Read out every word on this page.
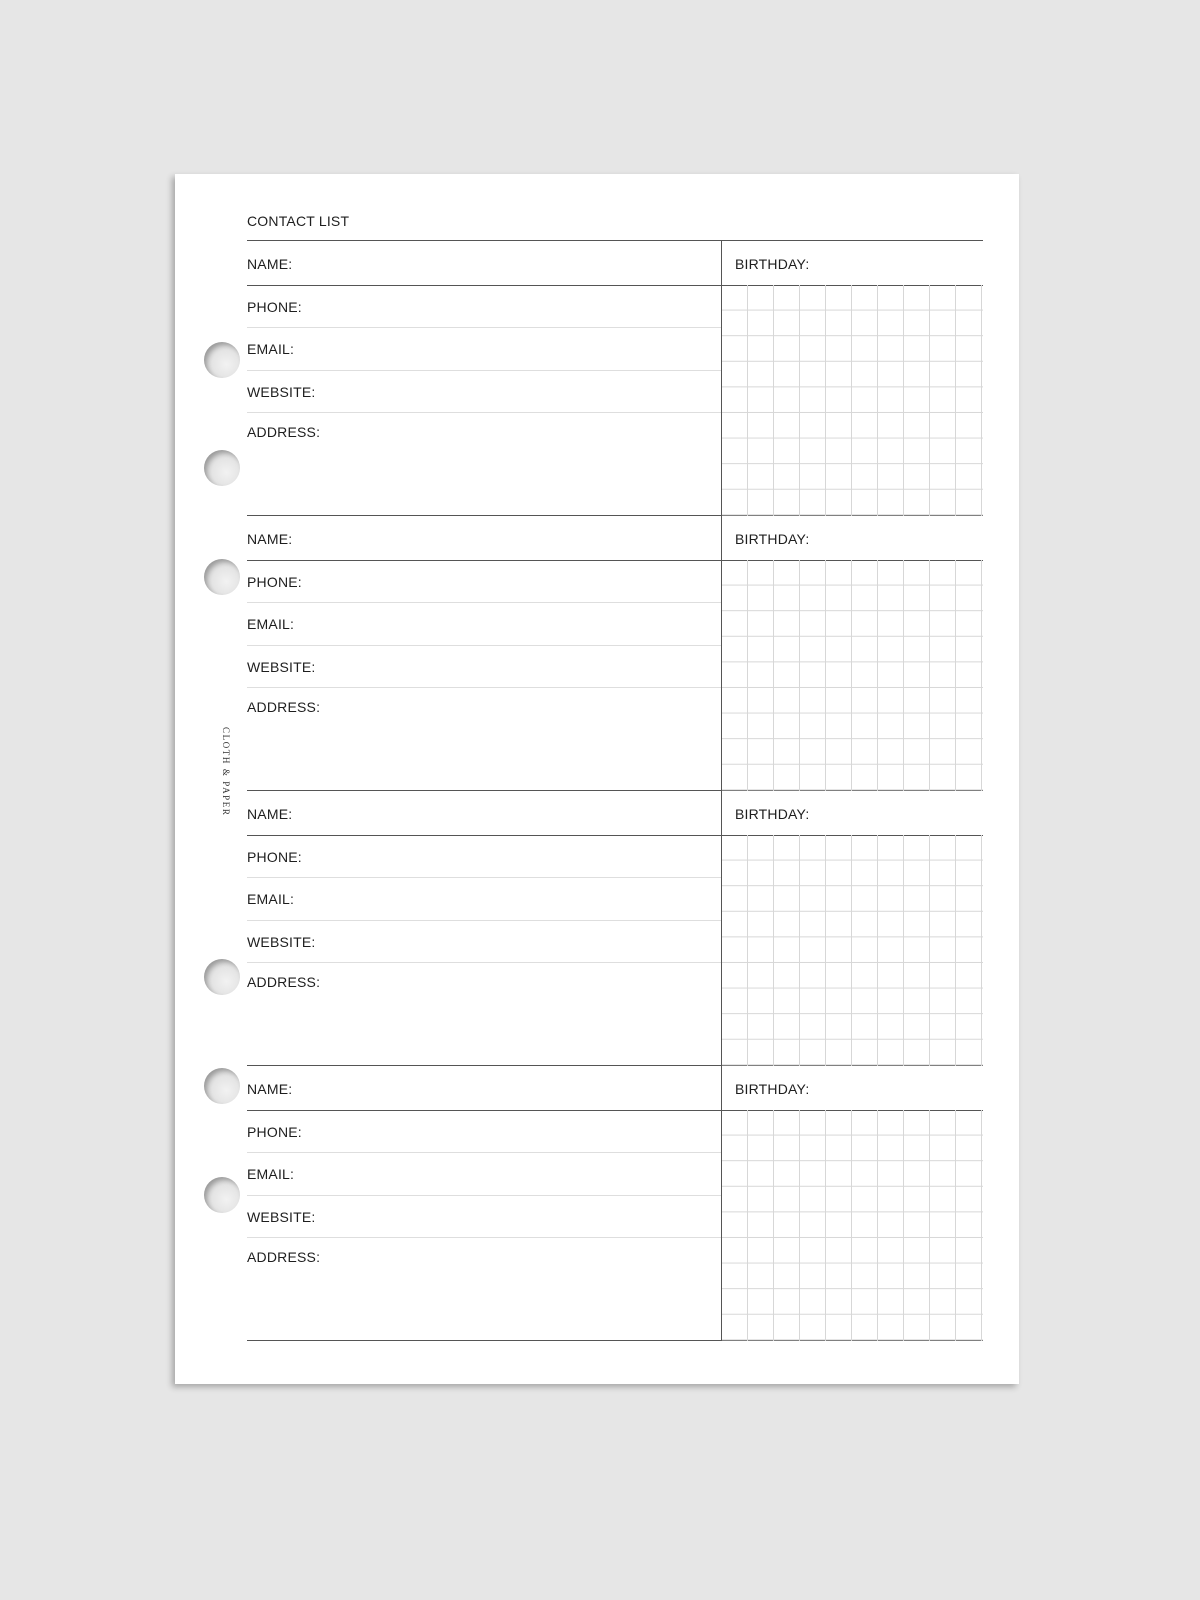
CONTACT LIST
CLOTH & PAPER
NAME:	BIRTHDAY:
PHONE:
EMAIL:
WEBSITE:
ADDRESS:
NAME:	BIRTHDAY:
PHONE:
EMAIL:
WEBSITE:
ADDRESS:
NAME:	BIRTHDAY:
PHONE:
EMAIL:
WEBSITE:
ADDRESS:
NAME:	BIRTHDAY:
PHONE:
EMAIL:
WEBSITE:
ADDRESS:
